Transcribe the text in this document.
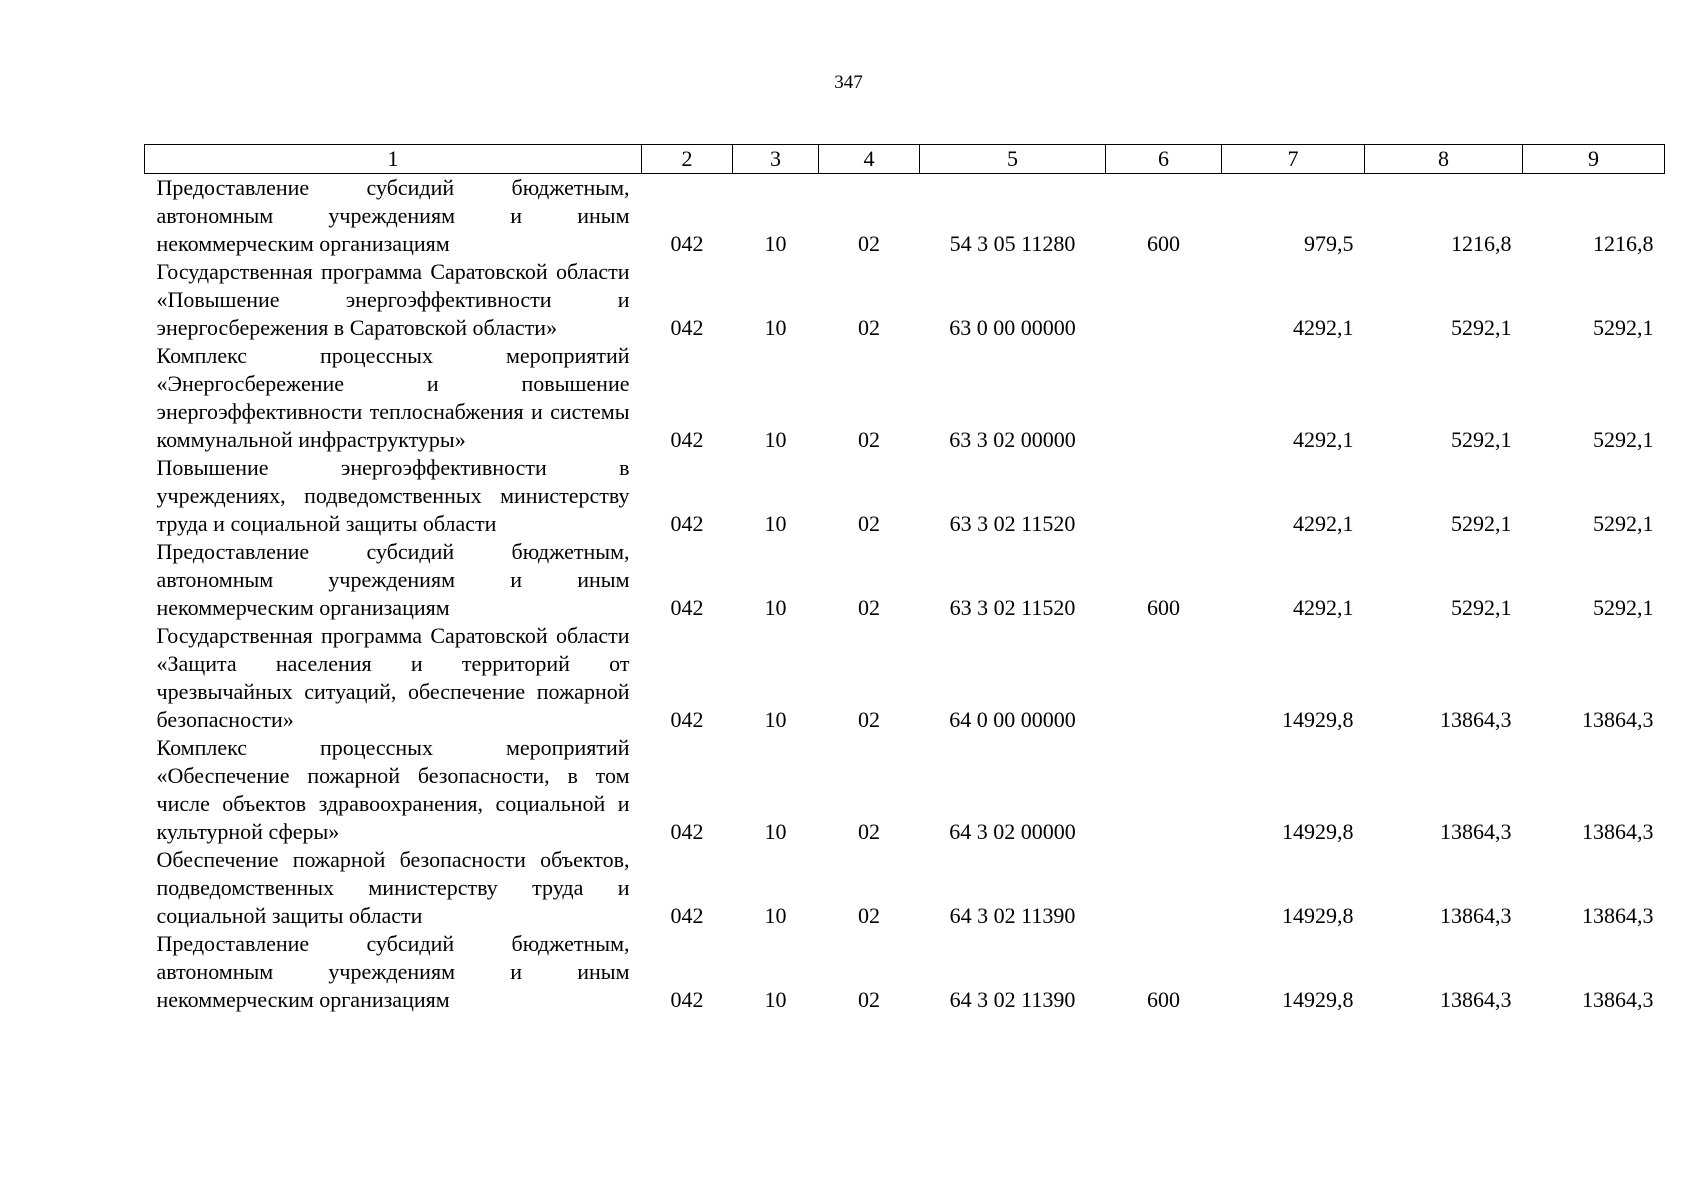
347
1	2	3	4	5	6	7	8	9
Предоставление субсидий бюджетным, автономным учреждениям и иным некоммерческим организациям	042	10	02	54 3 05 11280	600	979,5	1216,8	1216,8
Государственная программа Саратовской области «Повышение энергоэффективности и энергосбережения в Саратовской области»	042	10	02	63 0 00 00000		4292,1	5292,1	5292,1
Комплекс процессных мероприятий «Энергосбережение и повышение энергоэффективности теплоснабжения и системы коммунальной инфраструктуры»	042	10	02	63 3 02 00000		4292,1	5292,1	5292,1
Повышение энергоэффективности в учреждениях, подведомственных министерству труда и социальной защиты области	042	10	02	63 3 02 11520		4292,1	5292,1	5292,1
Предоставление субсидий бюджетным, автономным учреждениям и иным некоммерческим организациям	042	10	02	63 3 02 11520	600	4292,1	5292,1	5292,1
Государственная программа Саратовской области «Защита населения и территорий от чрезвычайных ситуаций, обеспечение пожарной безопасности»	042	10	02	64 0 00 00000		14929,8	13864,3	13864,3
Комплекс процессных мероприятий «Обеспечение пожарной безопасности, в том числе объектов здравоохранения, социальной и культурной сферы»	042	10	02	64 3 02 00000		14929,8	13864,3	13864,3
Обеспечение пожарной безопасности объектов, подведомственных министерству труда и социальной защиты области	042	10	02	64 3 02 11390		14929,8	13864,3	13864,3
Предоставление субсидий бюджетным, автономным учреждениям и иным некоммерческим организациям	042	10	02	64 3 02 11390	600	14929,8	13864,3	13864,3
